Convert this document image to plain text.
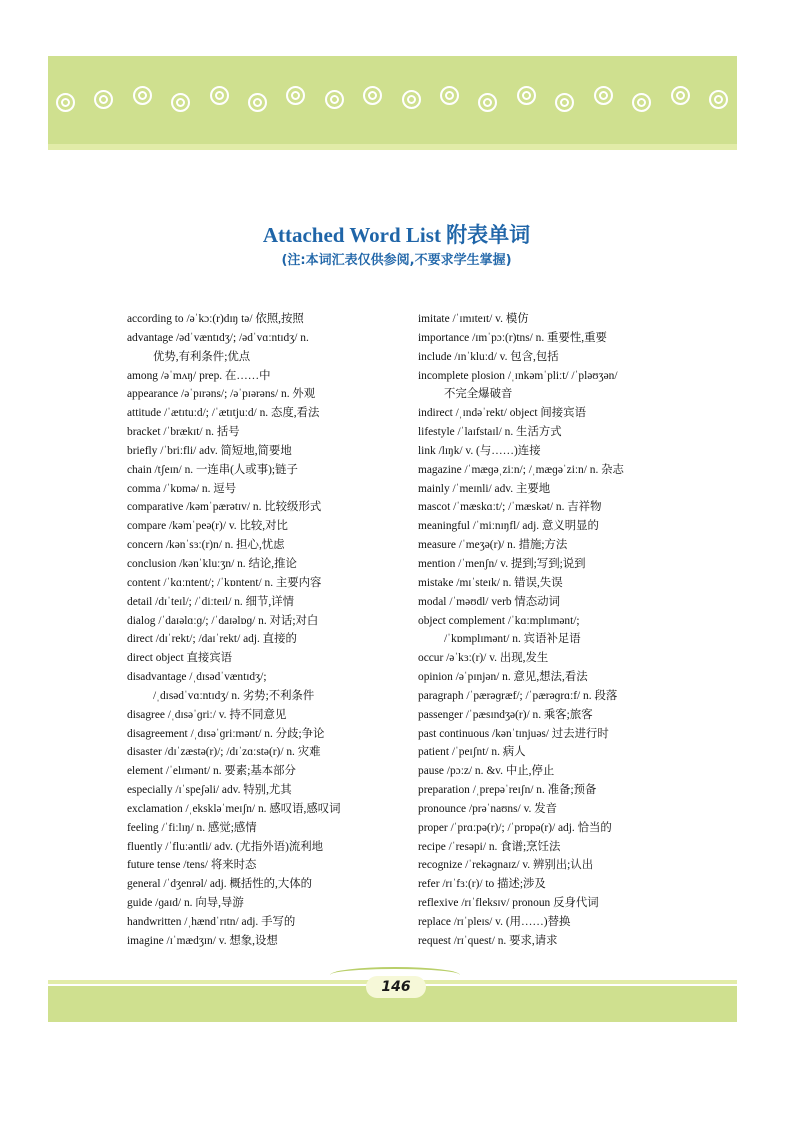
Attached Word List 附表单词
(注:本词汇表仅供参阅,不要求学生掌握)
according to /əˈkɔː(r)dɪŋ tə/ 依照,按照
advantage /ədˈvæntɪdʒ/; /ədˈvɑːntɪdʒ/ n.
优势,有利条件;优点
among /əˈmʌŋ/ prep. 在……中
appearance /əˈpɪrəns/; /əˈpɪərəns/ n. 外观
attitude /ˈætɪtuːd/; /ˈætɪtjuːd/ n. 态度,看法
bracket /ˈbrækɪt/ n. 括号
briefly /ˈbriːfli/ adv. 简短地,简要地
chain /tʃeɪn/ n. 一连串(人或事);链子
comma /ˈkɒmə/ n. 逗号
comparative /kəmˈpærətɪv/ n. 比较级形式
compare /kəmˈpeə(r)/ v. 比较,对比
concern /kənˈsɜː(r)n/ n. 担心,忧虑
conclusion /kənˈkluːʒn/ n. 结论,推论
content /ˈkɑːntent/; /ˈkɒntent/ n. 主要内容
detail /dɪˈteɪl/; /ˈdiːteɪl/ n. 细节,详情
dialog /ˈdaɪəlɑːɡ/; /ˈdaɪəlɒɡ/ n. 对话;对白
direct /dɪˈrekt/; /daɪˈrekt/ adj. 直接的
direct object 直接宾语
disadvantage /ˌdɪsədˈvæntɪdʒ/;
/ˌdɪsədˈvɑːntɪdʒ/ n. 劣势;不利条件
disagree /ˌdɪsəˈɡriː/ v. 持不同意见
disagreement /ˌdɪsəˈɡriːmənt/ n. 分歧;争论
disaster /dɪˈzæstə(r)/; /dɪˈzɑːstə(r)/ n. 灾难
element /ˈelɪmənt/ n. 要素;基本部分
especially /ɪˈspeʃəli/ adv. 特别,尤其
exclamation /ˌekskləˈmeɪʃn/ n. 感叹语,感叹词
feeling /ˈfiːlɪŋ/ n. 感觉;感情
fluently /ˈfluːəntli/ adv. (尤指外语)流利地
future tense /tens/ 将来时态
general /ˈdʒenrəl/ adj. 概括性的,大体的
guide /ɡaɪd/ n. 向导,导游
handwritten /ˌhændˈrɪtn/ adj. 手写的
imagine /ɪˈmædʒɪn/ v. 想象,设想
imitate /ˈɪmɪteɪt/ v. 模仿
importance /ɪmˈpɔː(r)tns/ n. 重要性,重要
include /ɪnˈkluːd/ v. 包含,包括
incomplete plosion /ˌɪnkəmˈpliːt/ /ˈpləʊʒən/
不完全爆破音
indirect /ˌɪndəˈrekt/ object 间接宾语
lifestyle /ˈlaɪfstaɪl/ n. 生活方式
link /lɪŋk/ v. (与……)连接
magazine /ˈmæɡəˌziːn/; /ˌmæɡəˈziːn/ n. 杂志
mainly /ˈmeɪnli/ adv. 主要地
mascot /ˈmæskɑːt/; /ˈmæskət/ n. 吉祥物
meaningful /ˈmiːnɪŋfl/ adj. 意义明显的
measure /ˈmeʒə(r)/ n. 措施;方法
mention /ˈmenʃn/ v. 提到;写到;说到
mistake /mɪˈsteɪk/ n. 错误,失误
modal /ˈməʊdl/ verb 情态动词
object complement /ˈkɑːmplɪmənt/;
/ˈkɒmplɪmənt/ n. 宾语补足语
occur /əˈkɜː(r)/ v. 出现,发生
opinion /əˈpɪnjən/ n. 意见,想法,看法
paragraph /ˈpærəɡræf/; /ˈpærəɡrɑːf/ n. 段落
passenger /ˈpæsɪndʒə(r)/ n. 乘客;旅客
past continuous /kənˈtɪnjuəs/ 过去进行时
patient /ˈpeɪʃnt/ n. 病人
pause /pɔːz/ n. &v. 中止,停止
preparation /ˌprepəˈreɪʃn/ n. 准备;预备
pronounce /prəˈnaʊns/ v. 发音
proper /ˈprɑːpə(r)/; /ˈprɒpə(r)/ adj. 恰当的
recipe /ˈresəpi/ n. 食谱;烹饪法
recognize /ˈrekəɡnaɪz/ v. 辨别出;认出
refer /rɪˈfɜː(r)/ to 描述;涉及
reflexive /rɪˈfleksɪv/ pronoun 反身代词
replace /rɪˈpleɪs/ v. (用……)替换
request /rɪˈquest/ n. 要求,请求
146
